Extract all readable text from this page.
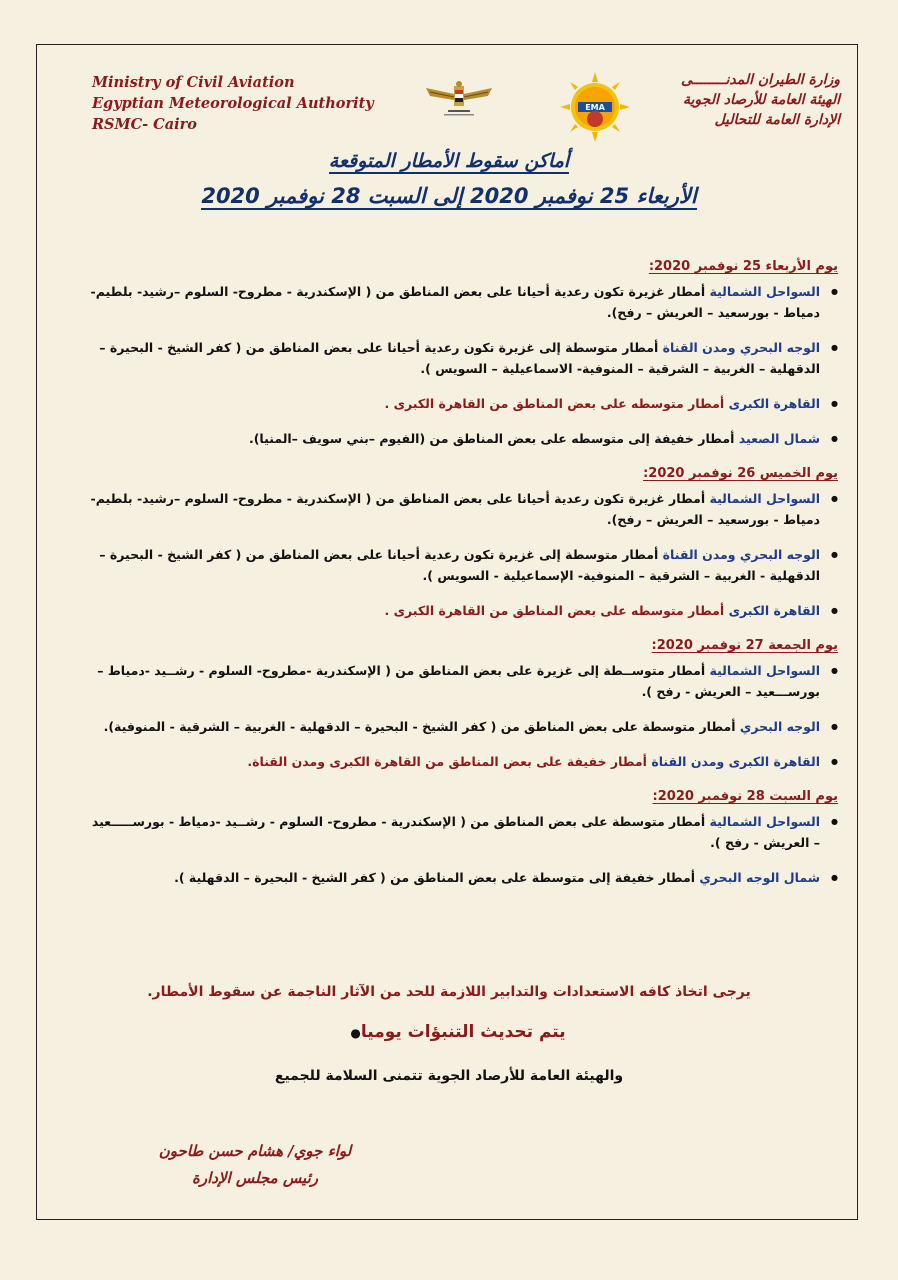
Ministry of Civil Aviation
Egyptian Meteorological Authority
RSMC- Cairo
EMA
وزارة الطيران المدنــــــــى
الهيئة العامة للأرصاد الجوية
الإدارة العامة للتحاليل
أماكن سقوط الأمطار المتوقعة
الأربعاء 25 نوفمبر 2020 إلى السبت 28 نوفمبر 2020
يوم الأربعاء 25 نوفمبر 2020:
● السواحل الشمالية أمطار غزيرة تكون رعدية أحيانا على بعض المناطق من ( الإسكندرية - مطروح- السلوم –رشيد- بلطيم- دمياط - بورسعيد – العريش – رفح).
● الوجه البحري ومدن القناة أمطار متوسطة إلى غزيرة تكون رعدية أحيانا على بعض المناطق من ( كفر الشيخ - البحيرة – الدقهلية – الغربية – الشرقية – المنوفية- الاسماعيلية – السويس ).
● القاهرة الكبرى أمطار متوسطه على بعض المناطق من القاهرة الكبرى .
● شمال الصعيد أمطار خفيفة إلى متوسطه على بعض المناطق من (الفيوم –بني سويف –المنيا).
يوم الخميس 26 نوفمبر 2020:
● السواحل الشمالية أمطار غزيرة تكون رعدية أحيانا على بعض المناطق من ( الإسكندرية - مطروح- السلوم –رشيد- بلطيم- دمياط - بورسعيد – العريش – رفح).
● الوجه البحري ومدن القناة أمطار متوسطة إلى غزيرة تكون رعدية أحيانا على بعض المناطق من ( كفر الشيخ - البحيرة – الدقهلية - الغربية – الشرقية – المنوفية- الإسماعيلية - السويس ).
● القاهرة الكبرى أمطار متوسطه على بعض المناطق من القاهرة الكبرى .
يوم الجمعة 27 نوفمبر 2020:
● السواحل الشمالية أمطار متوســطة إلى غزيرة على بعض المناطق من ( الإسكندرية -مطروح- السلوم - رشــيد -دمياط – بورســـعيد – العريش - رفح ).
● الوجه البحري أمطار متوسطة على بعض المناطق من ( كفر الشيخ - البحيرة – الدقهلية - الغربية – الشرقية - المنوفية).
● القاهرة الكبرى ومدن القناة أمطار خفيفة على بعض المناطق من القاهرة الكبرى ومدن القناة.
يوم السبت 28 نوفمبر 2020:
● السواحل الشمالية أمطار متوسطة على بعض المناطق من ( الإسكندرية - مطروح- السلوم - رشــيد -دمياط - بورســـــعيد – العريش - رفح ).
● شمال الوجه البحري أمطار خفيفة إلى متوسطة على بعض المناطق من ( كفر الشيخ - البحيرة – الدقهلية ).
يرجى اتخاذ كافه الاستعدادات والتدابير اللازمة للحد من الآثار الناجمة عن سقوط الأمطار.
يتم تحديث التنبؤات يوميا●
والهيئة العامة للأرصاد الجوية تتمنى السلامة للجميع
لواء جوي/ هشام حسن طاحون
رئيس مجلس الإدارة
